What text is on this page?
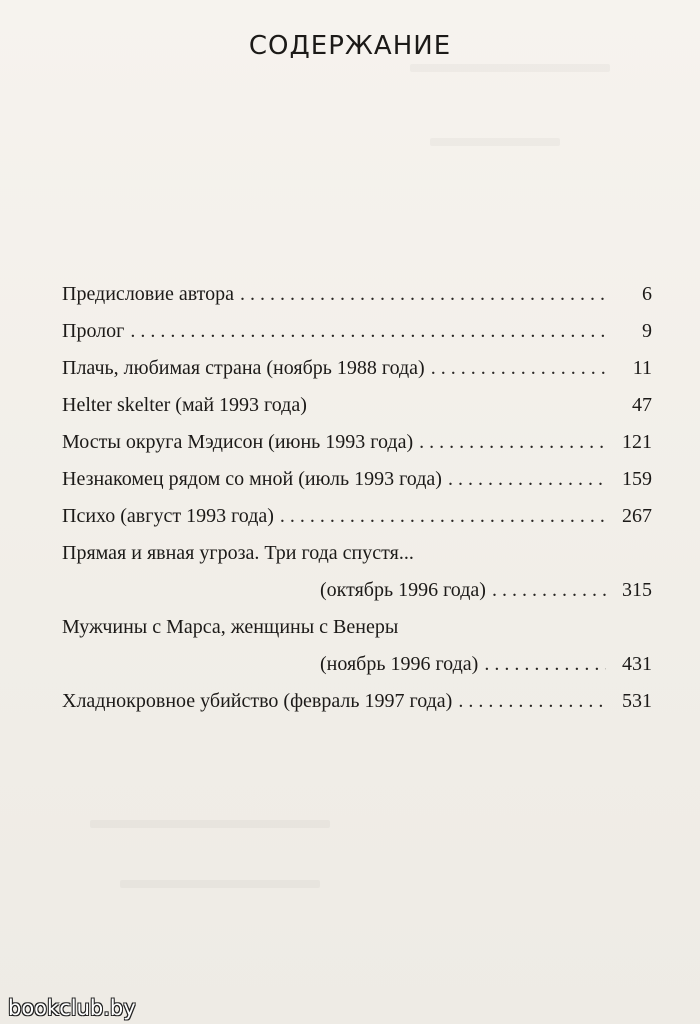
СОДЕРЖАНИЕ
Предисловие автора . . .	6
Пролог . . .	9
Плачь, любимая страна (ноябрь 1988 года) . . .	11
Helter skelter (май 1993 года)	47
Мосты округа Мэдисон (июнь 1993 года) . . .	121
Незнакомец рядом со мной (июль 1993 года) . . .	159
Психо (август 1993 года) . . .	267
Прямая и явная угроза. Три года спустя...
(октябрь 1996 года) . . .	315
Мужчины с Марса, женщины с Венеры
(ноябрь 1996 года) . . .	431
Хладнокровное убийство (февраль 1997 года) . . .	531
bookclub.by
